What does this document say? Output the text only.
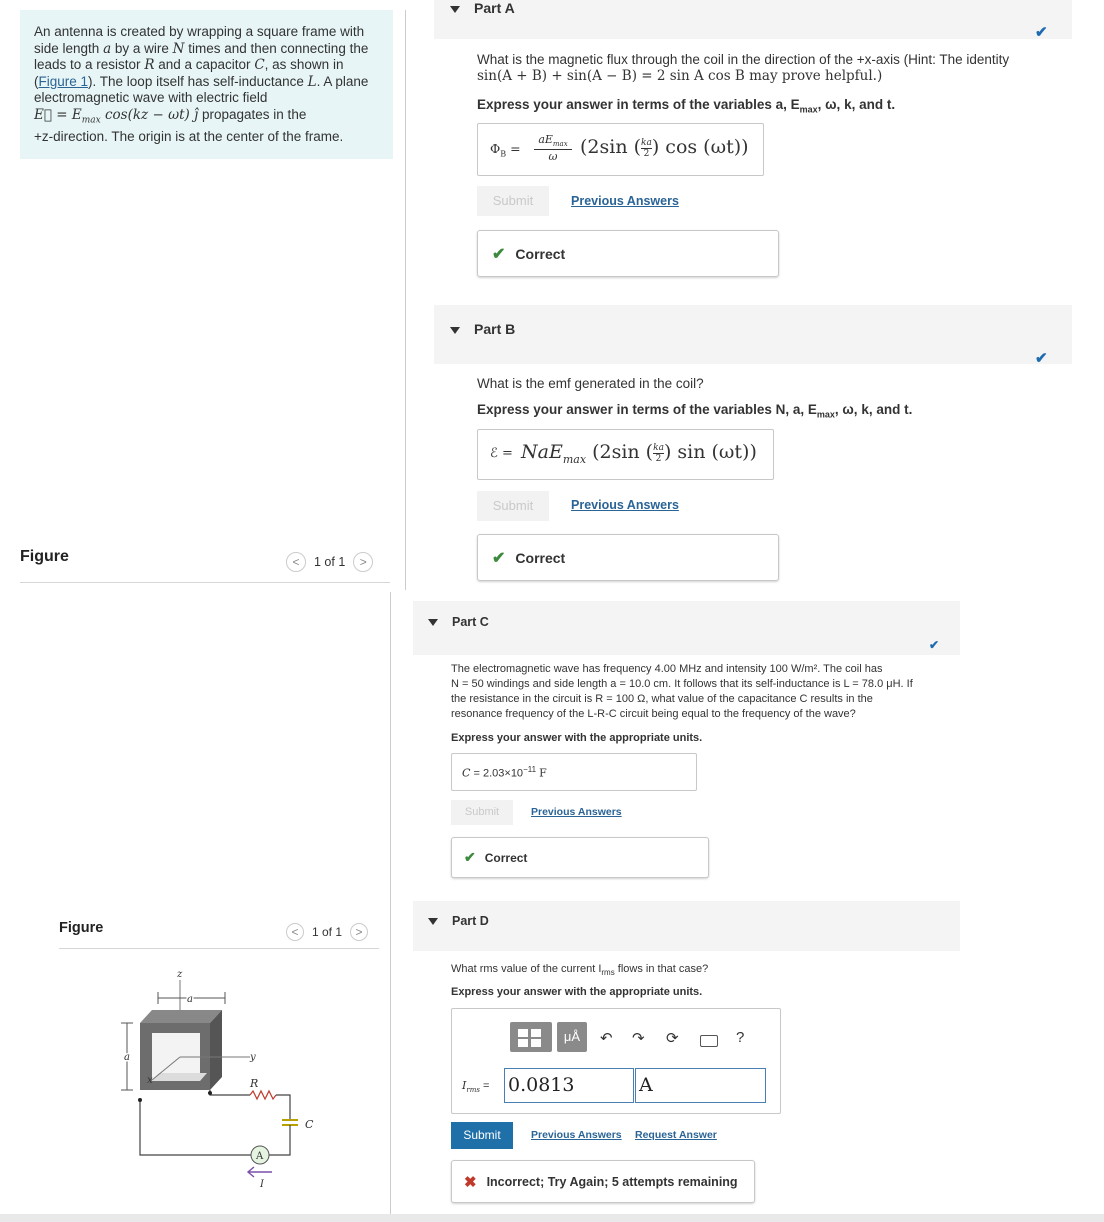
An antenna is created by wrapping a square frame with
side length a by a wire N times and then connecting the
leads to a resistor R and a capacitor C, as shown in
(Figure 1). The loop itself has self-inductance L. A plane
electromagnetic wave with electric field
E⃗ = $E_{max}$ cos(kz − ωt) ĵ propagates in the
+z-direction. The origin is at the center of the frame.
Figure	<	1 of 1	>
Figure	<	1 of 1	>
z
a
y
x
a
R
C
A
I
Part A
✔
What is the magnetic flux through the coil in the direction of the +x-axis (Hint: The identity
sin(A + B) + sin(A − B) = 2 sin A cos B may prove helpful.)
Express your answer in terms of the variables a, $E_{max}$, ω, k, and t.
$\Phi_B$ =
$aE_{max}$
ω	(2sin ( $\frac{ka}{2}$ ) cos (ωt))
Submit	Previous Answers
✔ Correct
Part B
✔
What is the emf generated in the coil?
Express your answer in terms of the variables N, a, $E_{max}$, ω, k, and t.
ℰ = NaE$_{max}$ (2sin ( $\frac{ka}{2}$ ) sin (ωt))
Submit	Previous Answers
✔ Correct
Part C
✔
The electromagnetic wave has frequency 4.00 MHz and intensity 100 W/m². The coil has
N = 50 windings and side length a = 10.0 cm. It follows that its self-inductance is L = 78.0 μH. If
the resistance in the circuit is R = 100 Ω, what value of the capacitance C results in the
resonance frequency of the L-R-C circuit being equal to the frequency of the wave?
Express your answer with the appropriate units.
$C = 2.03\times 10^{-11}$ F
Submit	Previous Answers
✔ Correct
Part D
What rms value of the current $I_{rms}$ flows in that case?
Express your answer with the appropriate units.
μÅ	↶ ↷ ⟳	?
$I_{rms} = 0.0813$	A
Submit	Previous Answers Request Answer
✖ Incorrect; Try Again; 5 attempts remaining
